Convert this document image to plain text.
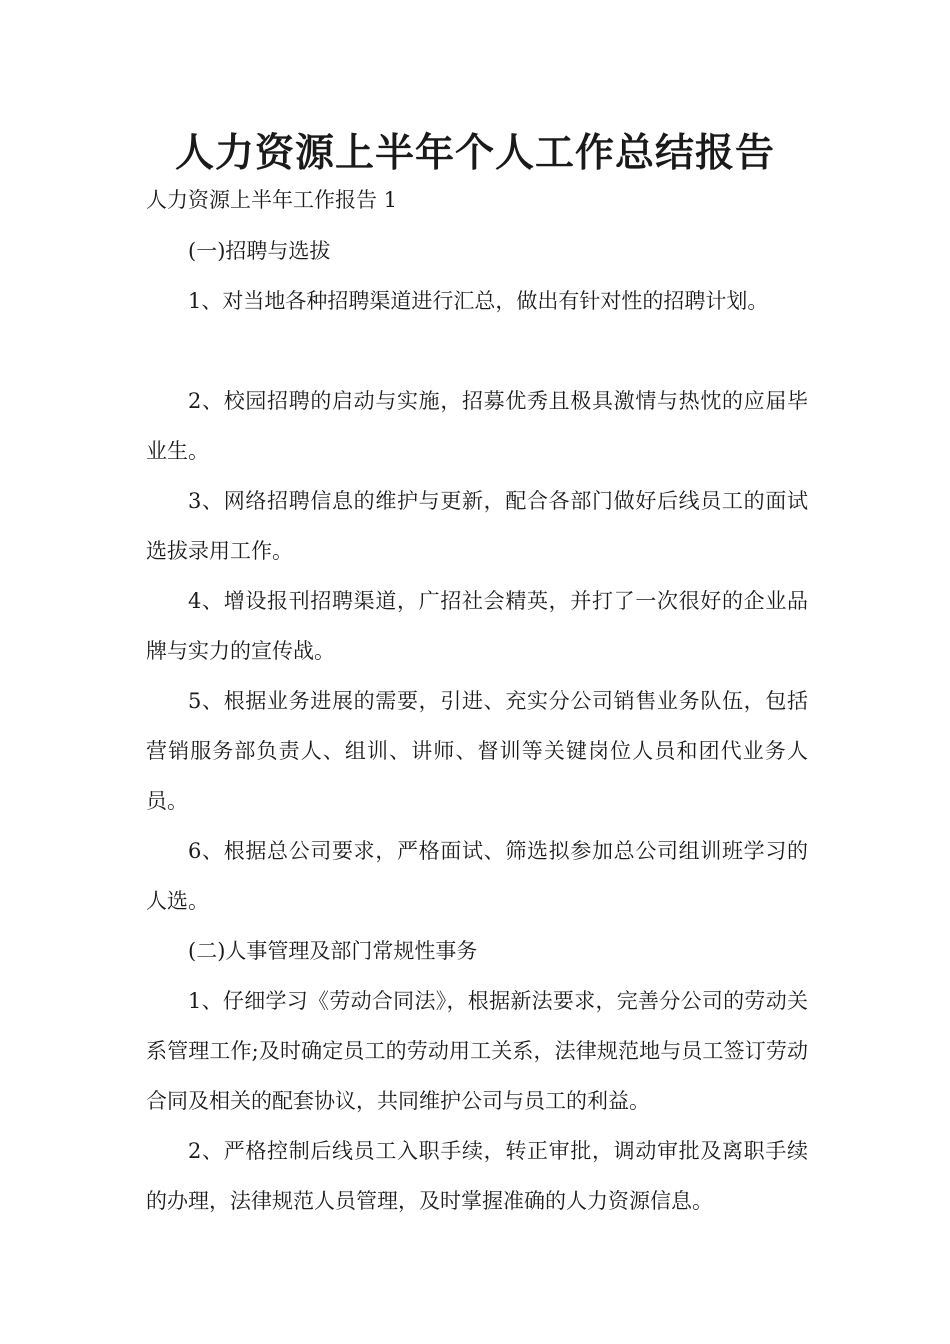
人力资源上半年个人工作总结报告

人力资源上半年工作报告 1

(一)招聘与选拔

1、对当地各种招聘渠道进行汇总，做出有针对性的招聘计划。

2、校园招聘的启动与实施，招募优秀且极具激情与热忱的应届毕业生。

3、网络招聘信息的维护与更新，配合各部门做好后线员工的面试选拔录用工作。

4、增设报刊招聘渠道，广招社会精英，并打了一次很好的企业品牌与实力的宣传战。

5、根据业务进展的需要，引进、充实分公司销售业务队伍，包括营销服务部负责人、组训、讲师、督训等关键岗位人员和团代业务人员。

6、根据总公司要求，严格面试、筛选拟参加总公司组训班学习的人选。

(二)人事管理及部门常规性事务

1、仔细学习《劳动合同法》，根据新法要求，完善分公司的劳动关系管理工作;及时确定员工的劳动用工关系，法律规范地与员工签订劳动合同及相关的配套协议，共同维护公司与员工的利益。

2、严格控制后线员工入职手续，转正审批，调动审批及离职手续的办理，法律规范人员管理，及时掌握准确的人力资源信息。
